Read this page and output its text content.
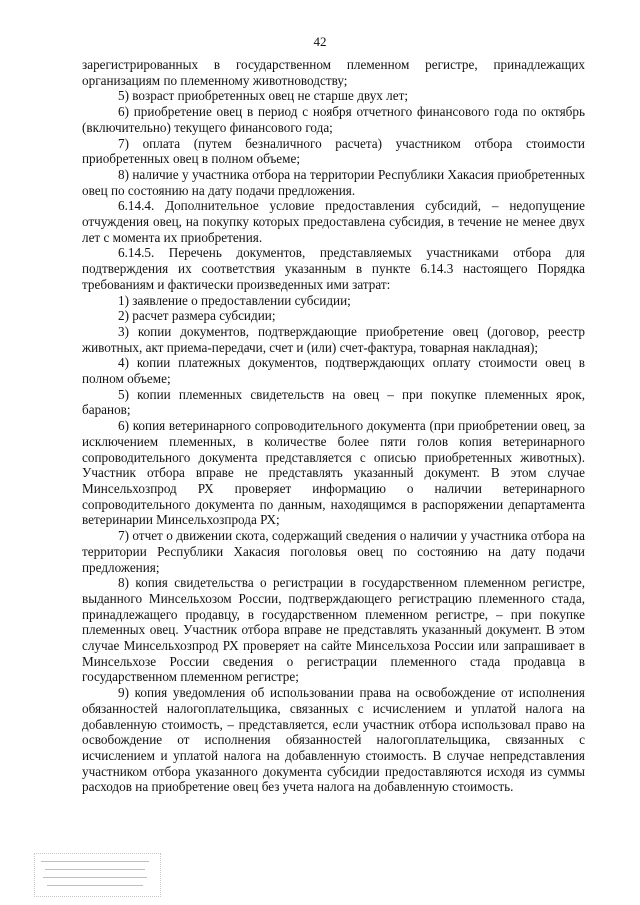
42

зарегистрированных в государственном племенном регистре, принадлежащих организациям по племенному животноводству;

5) возраст приобретенных овец не старше двух лет;

6) приобретение овец в период с ноября отчетного финансового года по октябрь (включительно) текущего финансового года;

7) оплата (путем безналичного расчета) участником отбора стоимости приобретенных овец в полном объеме;

8) наличие у участника отбора на территории Республики Хакасия приобретенных овец по состоянию на дату подачи предложения.

6.14.4. Дополнительное условие предоставления субсидий, – недопущение отчуждения овец, на покупку которых предоставлена субсидия, в течение не менее двух лет с момента их приобретения.

6.14.5. Перечень документов, представляемых участниками отбора для подтверждения их соответствия указанным в пункте 6.14.3 настоящего Порядка требованиям и фактически произведенных ими затрат:

1) заявление о предоставлении субсидии;

2) расчет размера субсидии;

3) копии документов, подтверждающие приобретение овец (договор, реестр животных, акт приема-передачи, счет и (или) счет-фактура, товарная накладная);

4) копии платежных документов, подтверждающих оплату стоимости овец в полном объеме;

5) копии племенных свидетельств на овец – при покупке племенных ярок, баранов;

6) копия ветеринарного сопроводительного документа (при приобретении овец, за исключением племенных, в количестве более пяти голов копия ветеринарного сопроводительного документа представляется с описью приобретенных животных). Участник отбора вправе не представлять указанный документ. В этом случае Минсельхозпрод РХ проверяет информацию о наличии ветеринарного сопроводительного документа по данным, находящимся в распоряжении департамента ветеринарии Минсельхозпрода РХ;

7) отчет о движении скота, содержащий сведения о наличии у участника отбора на территории Республики Хакасия поголовья овец по состоянию на дату подачи предложения;

8) копия свидетельства о регистрации в государственном племенном регистре, выданного Минсельхозом России, подтверждающего регистрацию племенного стада, принадлежащего продавцу, в государственном племенном регистре, – при покупке племенных овец. Участник отбора вправе не представлять указанный документ. В этом случае Минсельхозпрод РХ проверяет на сайте Минсельхоза России или запрашивает в Минсельхозе России сведения о регистрации племенного стада продавца в государственном племенном регистре;

9) копия уведомления об использовании права на освобождение от исполнения обязанностей налогоплательщика, связанных с исчислением и уплатой налога на добавленную стоимость, – представляется, если участник отбора использовал право на освобождение от исполнения обязанностей налогоплательщика, связанных с исчислением и уплатой налога на добавленную стоимость. В случае непредставления участником отбора указанного документа субсидии предоставляются исходя из суммы расходов на приобретение овец без учета налога на добавленную стоимость.
